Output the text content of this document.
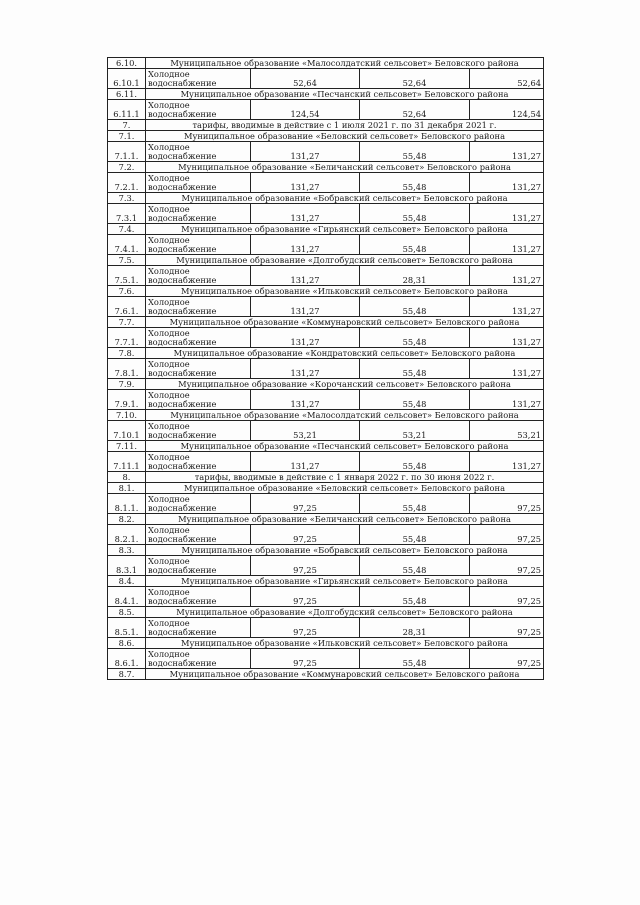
6.10.	Муниципальное образование «Малосолдатский сельсовет» Беловского района			
6.10.1	Холодное водоснабжение	52,64	52,64	52,64
6.11.	Муниципальное образование «Песчанский сельсовет» Беловского района			
6.11.1	Холодное водоснабжение	124,54	52,64	124,54
7.	тарифы, вводимые в действие с 1 июля 2021 г. по 31 декабря 2021 г.			
7.1.	Муниципальное образование «Беловский сельсовет» Беловского района			
7.1.1.	Холодное водоснабжение	131,27	55,48	131,27
7.2.	Муниципальное образование «Беличанский сельсовет» Беловского района			
7.2.1.	Холодное водоснабжение	131,27	55,48	131,27
7.3.	Муниципальное образование «Бобравский сельсовет» Беловского района			
7.3.1	Холодное водоснабжение	131,27	55,48	131,27
7.4.	Муниципальное образование «Гирьянский сельсовет» Беловского района			
7.4.1.	Холодное водоснабжение	131,27	55,48	131,27
7.5.	Муниципальное образование «Долгобудский сельсовет» Беловского района			
7.5.1.	Холодное водоснабжение	131,27	28,31	131,27
7.6.	Муниципальное образование «Ильковский сельсовет» Беловского района			
7.6.1.	Холодное водоснабжение	131,27	55,48	131,27
7.7.	Муниципальное образование «Коммунаровский сельсовет» Беловского района			
7.7.1.	Холодное водоснабжение	131,27	55,48	131,27
7.8.	Муниципальное образование «Кондратовский сельсовет» Беловского района			
7.8.1.	Холодное водоснабжение	131,27	55,48	131,27
7.9.	Муниципальное образование «Корочанский сельсовет» Беловского района			
7.9.1.	Холодное водоснабжение	131,27	55,48	131,27
7.10.	Муниципальное образование «Малосолдатский сельсовет» Беловского района			
7.10.1	Холодное водоснабжение	53,21	53,21	53,21
7.11.	Муниципальное образование «Песчанский сельсовет» Беловского района			
7.11.1	Холодное водоснабжение	131,27	55,48	131,27
8.	тарифы, вводимые в действие с 1 января 2022 г. по 30 июня 2022 г.			
8.1.	Муниципальное образование «Беловский сельсовет» Беловского района			
8.1.1.	Холодное водоснабжение	97,25	55,48	97,25
8.2.	Муниципальное образование «Беличанский сельсовет» Беловского района			
8.2.1.	Холодное водоснабжение	97,25	55,48	97,25
8.3.	Муниципальное образование «Бобравский сельсовет» Беловского района			
8.3.1	Холодное водоснабжение	97,25	55,48	97,25
8.4.	Муниципальное образование «Гирьянский сельсовет» Беловского района			
8.4.1.	Холодное водоснабжение	97,25	55,48	97,25
8.5.	Муниципальное образование «Долгобудский сельсовет» Беловского района			
8.5.1.	Холодное водоснабжение	97,25	28,31	97,25
8.6.	Муниципальное образование «Ильковский сельсовет» Беловского района			
8.6.1.	Холодное водоснабжение	97,25	55,48	97,25
8.7.	Муниципальное образование «Коммунаровский сельсовет» Беловского района			
